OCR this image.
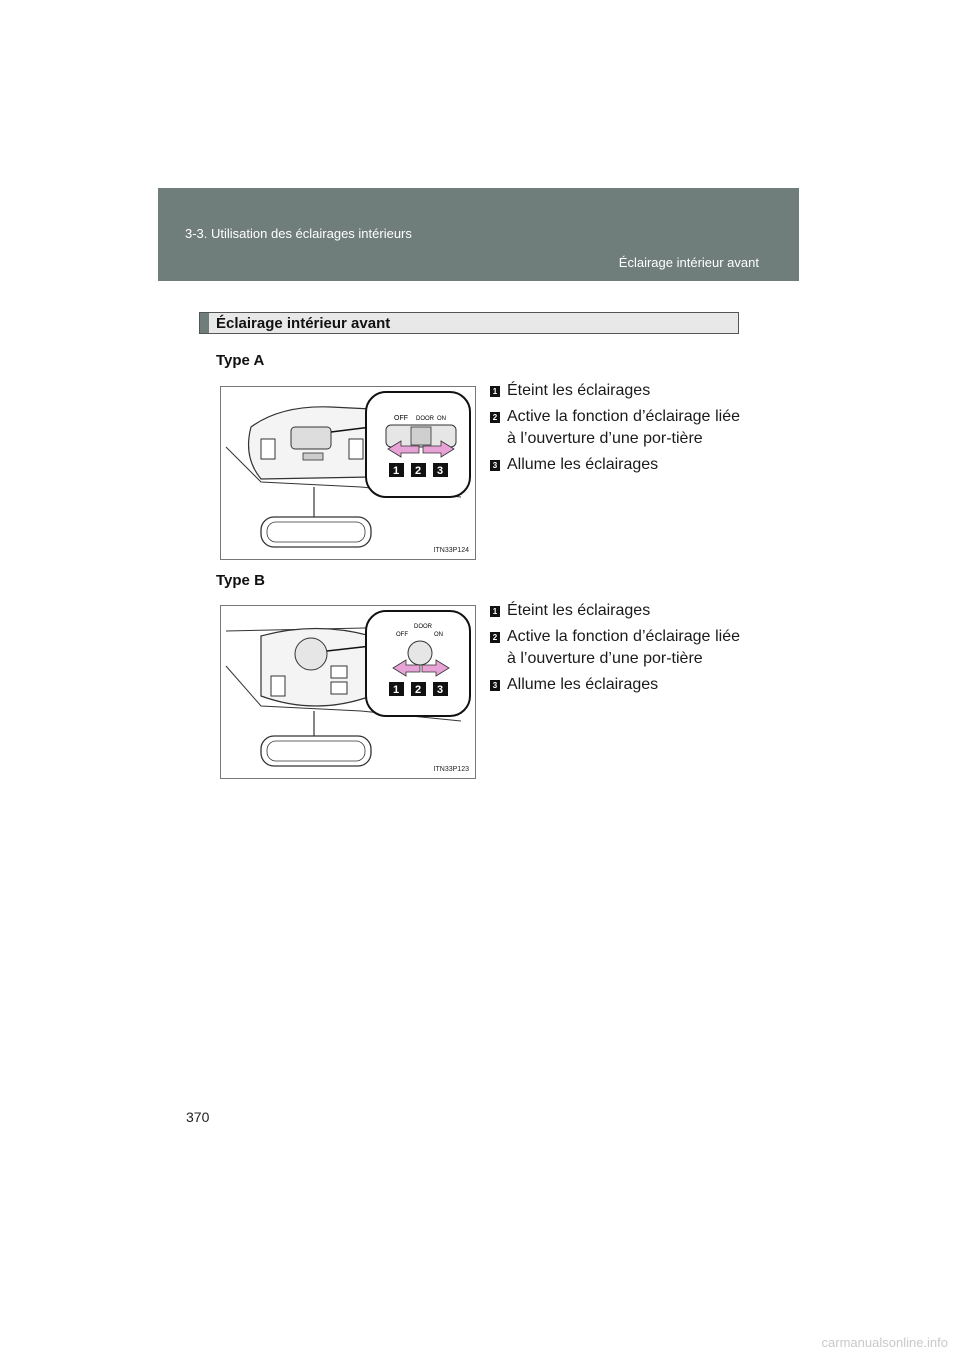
3-3. Utilisation des éclairages intérieurs
Éclairage intérieur avant
Éclairage intérieur avant
Type A
OFF DOOR ON
1 2 3
ITN33P124
1 Éteint les éclairages
2 Active la fonction d’éclairage liée à l’ouverture d’une por-tière
3 Allume les éclairages
Type B
OFF
DOOR
ON
1 2 3
ITN33P123
1 Éteint les éclairages
2 Active la fonction d’éclairage liée à l’ouverture d’une por-tière
3 Allume les éclairages
370
carmanualsonline.info
